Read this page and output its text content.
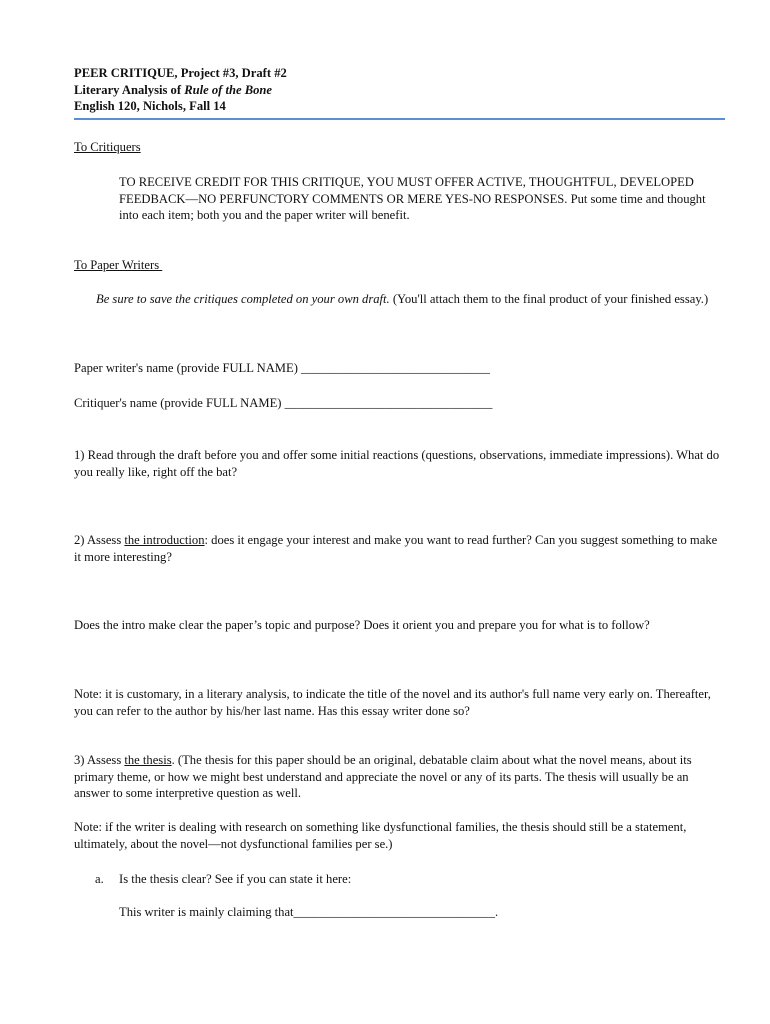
PEER CRITIQUE, Project #3, Draft #2
Literary Analysis of Rule of the Bone
English 120, Nichols, Fall 14
To Critiquers
TO RECEIVE CREDIT FOR THIS CRITIQUE, YOU MUST OFFER ACTIVE, THOUGHTFUL, DEVELOPED FEEDBACK—NO PERFUNCTORY COMMENTS OR MERE YES-NO RESPONSES. Put some time and thought into each item; both you and the paper writer will benefit.
To Paper Writers
Be sure to save the critiques completed on your own draft. (You'll attach them to the final product of your finished essay.)
Paper writer's name (provide FULL NAME) ______________________________
Critiquer's name (provide FULL NAME) _________________________________
1) Read through the draft before you and offer some initial reactions (questions, observations, immediate impressions). What do you really like, right off the bat?
2) Assess the introduction: does it engage your interest and make you want to read further? Can you suggest something to make it more interesting?
Does the intro make clear the paper’s topic and purpose? Does it orient you and prepare you for what is to follow?
Note: it is customary, in a literary analysis, to indicate the title of the novel and its author's full name very early on. Thereafter, you can refer to the author by his/her last name. Has this essay writer done so?
3) Assess the thesis. (The thesis for this paper should be an original, debatable claim about what the novel means, about its primary theme, or how we might best understand and appreciate the novel or any of its parts. The thesis will usually be an answer to some interpretive question as well.
Note: if the writer is dealing with research on something like dysfunctional families, the thesis should still be a statement, ultimately, about the novel—not dysfunctional families per se.)
a. Is the thesis clear? See if you can state it here:
This writer is mainly claiming that________________________________.
